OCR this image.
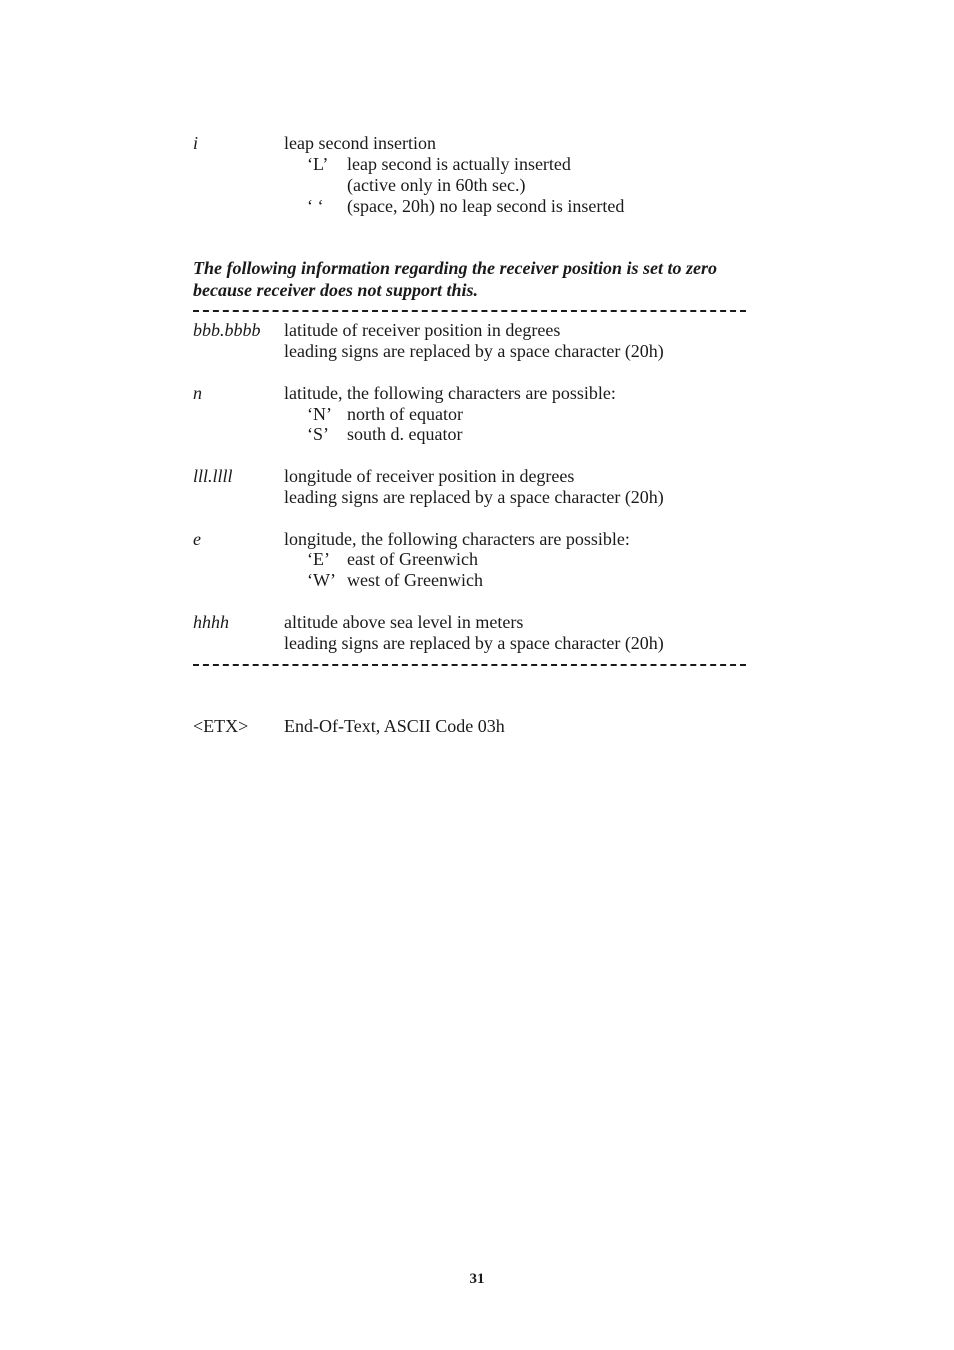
i	leap second insertion
‘L’ leap second is actually inserted
(active only in 60th sec.)
‘ ‘ (space, 20h) no leap second is inserted
The following information regarding the receiver position is set to zero
because receiver does not support this.
bbb.bbbb latitude of receiver position in degrees
leading signs are replaced by a space character (20h)
n	latitude, the following characters are possible:
‘N’ north of equator
‘S’ south d. equator
lll.llll	longitude of receiver position in degrees
leading signs are replaced by a space character (20h)
e	longitude, the following characters are possible:
‘E’ east of Greenwich
‘W’ west of Greenwich
hhhh	altitude above sea level in meters
leading signs are replaced by a space character (20h)
<ETX> End-Of-Text, ASCII Code 03h
31
